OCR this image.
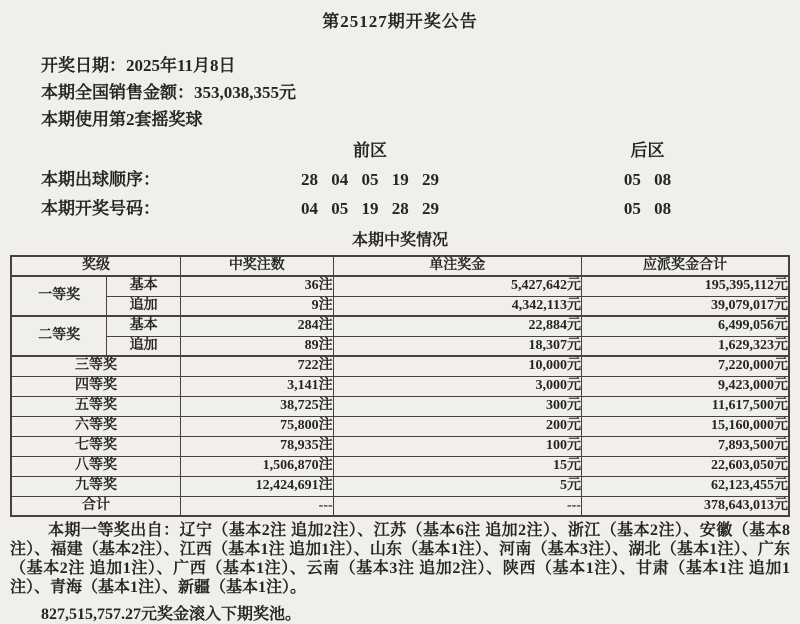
第25127期开奖公告
开奖日期：2025年11月8日
本期全国销售金额：353,038,355元
本期使用第2套摇奖球
前区	后区
本期出球顺序：	28 04 05 19 29	05 08
本期开奖号码：	04 05 19 28 29	05 08
本期中奖情况
奖级		中奖注数	单注奖金	应派奖金合计
一等奖	基本	36注	5,427,642元	195,395,112元
	追加	9注	4,342,113元	39,079,017元
二等奖	基本	284注	22,884元	6,499,056元
	追加	89注	18,307元	1,629,323元
三等奖		722注	10,000元	7,220,000元
四等奖		3,141注	3,000元	9,423,000元
五等奖		38,725注	300元	11,617,500元
六等奖		75,800注	200元	15,160,000元
七等奖		78,935注	100元	7,893,500元
八等奖		1,506,870注	15元	22,603,050元
九等奖		12,424,691注	5元	62,123,455元
合计		---	---	378,643,013元
本期一等奖出自：辽宁（基本2注 追加2注）、江苏（基本6注 追加2注）、浙江（基本2注）、安徽（基本8注）、福建（基本2注）、江西（基本1注 追加1注）、山东（基本1注）、河南（基本3注）、湖北（基本1注）、广东（基本2注 追加1注）、广西（基本1注）、云南（基本3注 追加2注）、陕西（基本1注）、甘肃（基本1注 追加1注）、青海（基本1注）、新疆（基本1注）。
827,515,757.27元奖金滚入下期奖池。
